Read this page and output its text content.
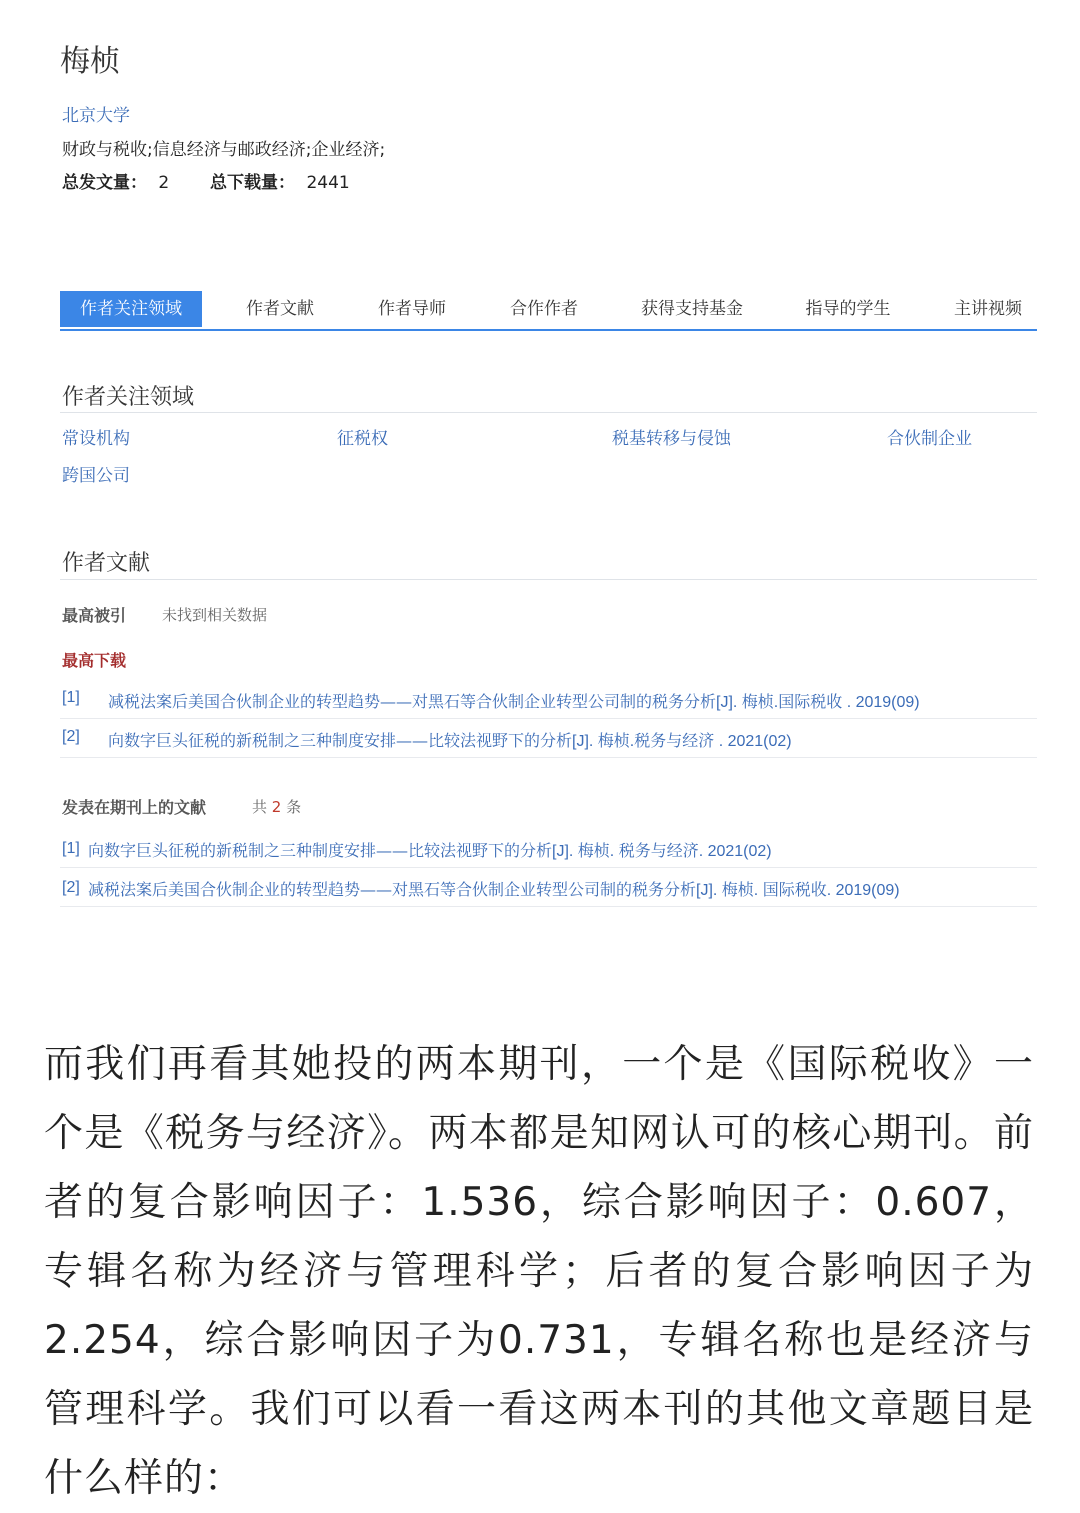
梅桢
北京大学
财政与税收;信息经济与邮政经济;企业经济;
总发文量： 2 总下载量： 2441
作者关注领域	作者文献	作者导师	合作作者	获得支持基金	指导的学生	主讲视频
作者关注领域
常设机构	征税权	税基转移与侵蚀	合伙制企业
跨国公司
作者文献
最高被引 未找到相关数据
最高下载
[1] 减税法案后美国合伙制企业的转型趋势——对黑石等合伙制企业转型公司制的税务分析[J]. 梅桢.国际税收 . 2019(09)
[2] 向数字巨头征税的新税制之三种制度安排——比较法视野下的分析[J]. 梅桢.税务与经济 . 2021(02)
发表在期刊上的文献	共 2 条
[1] 向数字巨头征税的新税制之三种制度安排——比较法视野下的分析[J]. 梅桢. 税务与经济. 2021(02)
[2] 减税法案后美国合伙制企业的转型趋势——对黑石等合伙制企业转型公司制的税务分析[J]. 梅桢. 国际税收. 2019(09)
而我们再看其她投的两本期刊，一个是《国际税收》一个是《税务与经济》。两本都是知网认可的核心期刊。前者的复合影响因子：1.536，综合影响因子：0.607，专辑名称为经济与管理科学；后者的复合影响因子为2.254，综合影响因子为0.731，专辑名称也是经济与管理科学。我们可以看一看这两本刊的其他文章题目是什么样的：
